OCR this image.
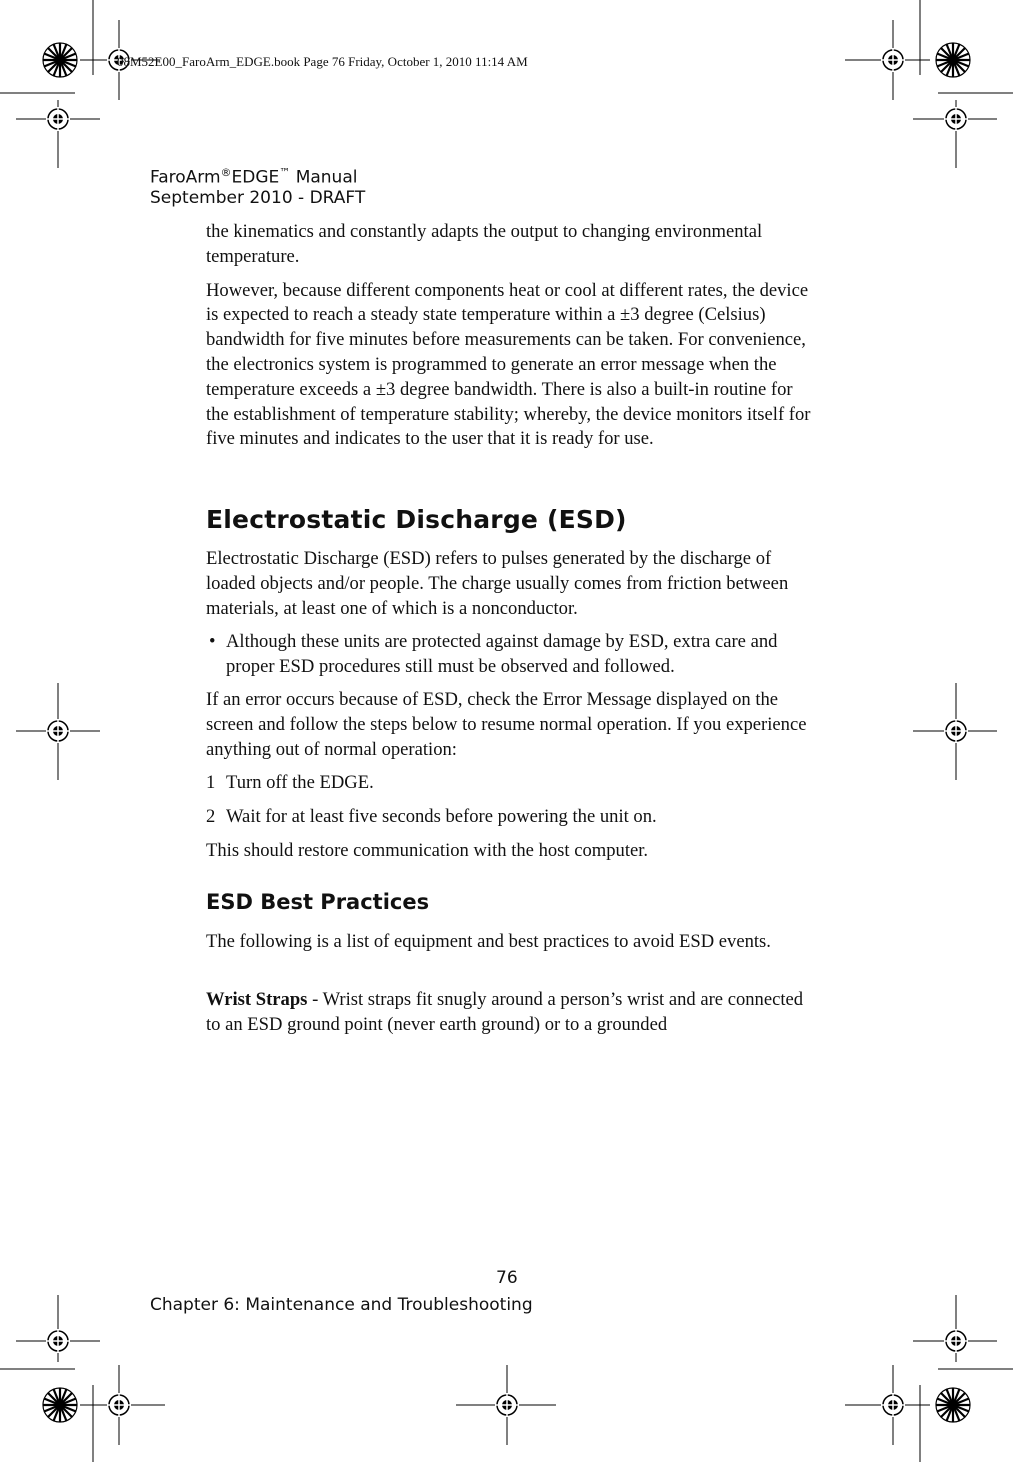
08M52E00_FaroArm_EDGE.book Page 76 Friday, October 1, 2010 11:14 AM
FaroArm®EDGE™ Manual
September 2010 - DRAFT

the kinematics and constantly adapts the output to changing environmental temperature.

However, because different components heat or cool at different rates, the device is expected to reach a steady state temperature within a ±3 degree (Celsius) bandwidth for five minutes before measurements can be taken. For convenience, the electronics system is programmed to generate an error message when the temperature exceeds a ±3 degree bandwidth. There is also a built-in routine for the establishment of temperature stability; whereby, the device monitors itself for five minutes and indicates to the user that it is ready for use.

Electrostatic Discharge (ESD)
Electrostatic Discharge (ESD) refers to pulses generated by the discharge of loaded objects and/or people. The charge usually comes from friction between materials, at least one of which is a nonconductor.
• Although these units are protected against damage by ESD, extra care and proper ESD procedures still must be observed and followed.
If an error occurs because of ESD, check the Error Message displayed on the screen and follow the steps below to resume normal operation. If you experience anything out of normal operation:
1 Turn off the EDGE.
2 Wait for at least five seconds before powering the unit on.
This should restore communication with the host computer.
ESD Best Practices
The following is a list of equipment and best practices to avoid ESD events.
Wrist Straps - Wrist straps fit snugly around a person’s wrist and are connected to an ESD ground point (never earth ground) or to a grounded
76
Chapter 6: Maintenance and Troubleshooting
